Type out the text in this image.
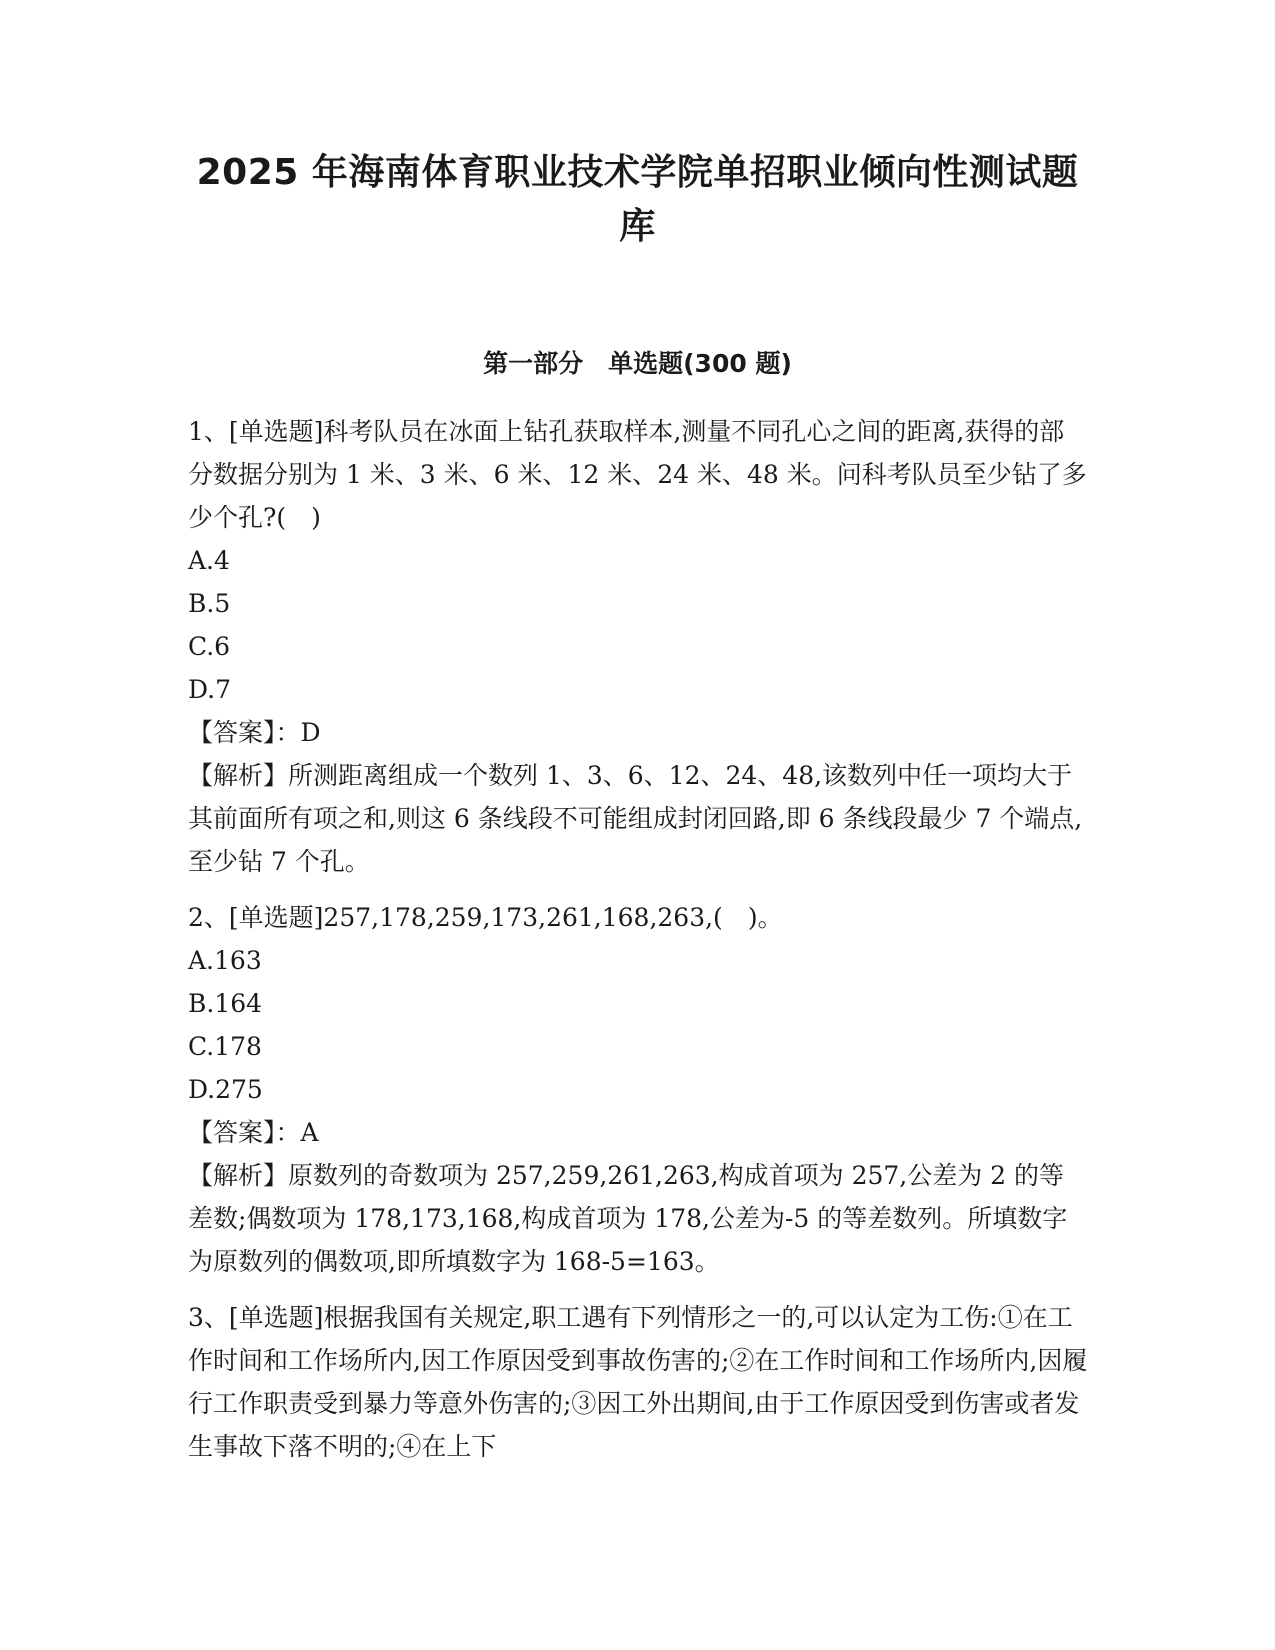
2025 年海南体育职业技术学院单招职业倾向性测试题
库
第一部分　单选题(300 题)

1、[单选题]科考队员在冰面上钻孔获取样本,测量不同孔心之间的距离,获得的部分数据分别为 1 米、3 米、6 米、12 米、24 米、48 米。问科考队员至少钻了多少个孔?(　)

A.4

B.5

C.6

D.7

【答案】：D

【解析】所测距离组成一个数列 1、3、6、12、24、48,该数列中任一项均大于其前面所有项之和,则这 6 条线段不可能组成封闭回路,即 6 条线段最少 7 个端点,至少钻 7 个孔。

2、[单选题]257,178,259,173,261,168,263,(　)。

A.163

B.164

C.178

D.275

【答案】：A

【解析】原数列的奇数项为 257,259,261,263,构成首项为 257,公差为 2 的等差数;偶数项为 178,173,168,构成首项为 178,公差为-5 的等差数列。所填数字为原数列的偶数项,即所填数字为 168-5=163。

3、[单选题]根据我国有关规定,职工遇有下列情形之一的,可以认定为工伤:①在工作时间和工作场所内,因工作原因受到事故伤害的;②在工作时间和工作场所内,因履行工作职责受到暴力等意外伤害的;③因工外出期间,由于工作原因受到伤害或者发生事故下落不明的;④在上下
